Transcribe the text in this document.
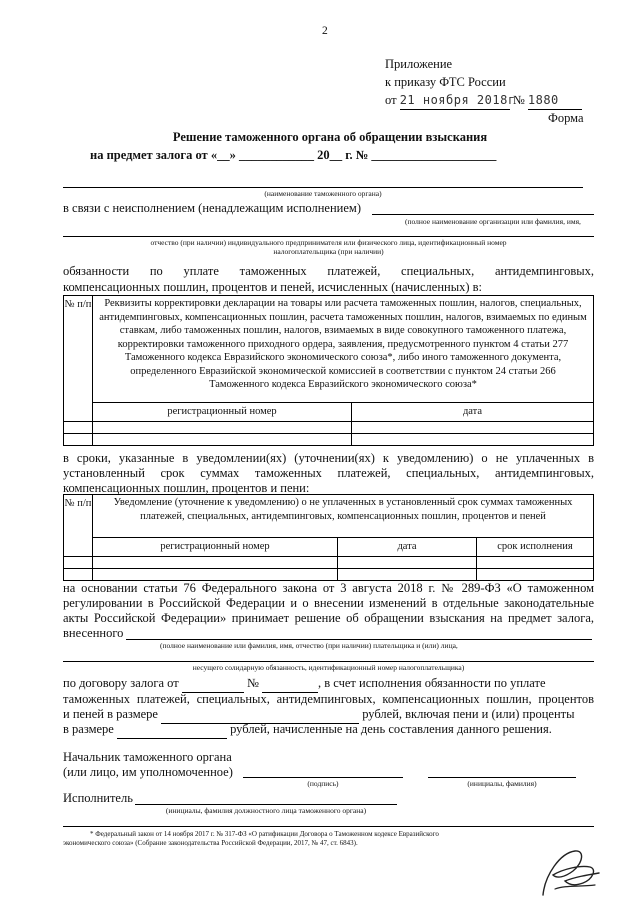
2
Приложение
к приказу ФТС России
от 21 ноября 2018г № 1880
Форма
Решение таможенного органа об обращении взыскания
на предмет залога от «__» ____________ 20__ г. № ____________________
(наименование таможенного органа)
в связи с неисполнением (ненадлежащим исполнением)
(полное наименование организации или фамилия, имя,
отчество (при наличии) индивидуального предпринимателя или физического лица, идентификационный номер
налогоплательщика (при наличии)
обязанности по уплате таможенных платежей, специальных, антидемпинговых,
компенсационных пошлин, процентов и пеней, исчисленных (начисленных) в:
№ п/п	Реквизиты корректировки декларации на товары или расчета таможенных пошлин, налогов, специальных, антидемпинговых, компенсационных пошлин, расчета таможенных пошлин, налогов, взимаемых по единым ставкам, либо таможенных пошлин, налогов, взимаемых в виде совокупного таможенного платежа, корректировки таможенного приходного ордера, заявления, предусмотренного пунктом 4 статьи 277 Таможенного кодекса Евразийского экономического союза*, либо иного таможенного документа, определенного Евразийской экономической комиссией в соответствии с пунктом 24 статьи 266 Таможенного кодекса Евразийского экономического союза*	

	регистрационный номер	дата

в сроки, указанные в уведомлении(ях) (уточнении(ях) к уведомлению) о не уплаченных в
установленный срок суммах таможенных платежей, специальных, антидемпинговых,
компенсационных пошлин, процентов и пени:
№ п/п	Уведомление (уточнение к уведомлению) о не уплаченных в установленный срок суммах таможенных платежей, специальных, антидемпинговых, компенсационных пошлин, процентов и пеней		

	регистрационный номер	дата	срок исполнения

на основании статьи 76 Федерального закона от 3 августа 2018 г. № 289-ФЗ «О таможенном
регулировании в Российской Федерации и о внесении изменений в отдельные законодательные
акты Российской Федерации» принимает решение об обращении взыскания на предмет залога,
внесенного
(полное наименование или фамилия, имя, отчество (при наличии) плательщика и (или) лица,
несущего солидарную обязанность, идентификационный номер налогоплательщика)
по договору залога от	№	, в счет исполнения обязанности по уплате
таможенных платежей, специальных, антидемпинговых, компенсационных пошлин, процентов
и пеней в размере	рублей, включая пени и (или) проценты
в размере	рублей, начисленные на день составления данного решения.
Начальник таможенного органа
(или лицо, им уполномоченное)
(подпись)	(инициалы, фамилия)
Исполнитель
(инициалы, фамилия должностного лица таможенного органа)
* Федеральный закон от 14 ноября 2017 г. № 317-ФЗ «О ратификации Договора о Таможенном кодексе Евразийского
экономического союза» (Собрание законодательства Российской Федерации, 2017, № 47, ст. 6843).
